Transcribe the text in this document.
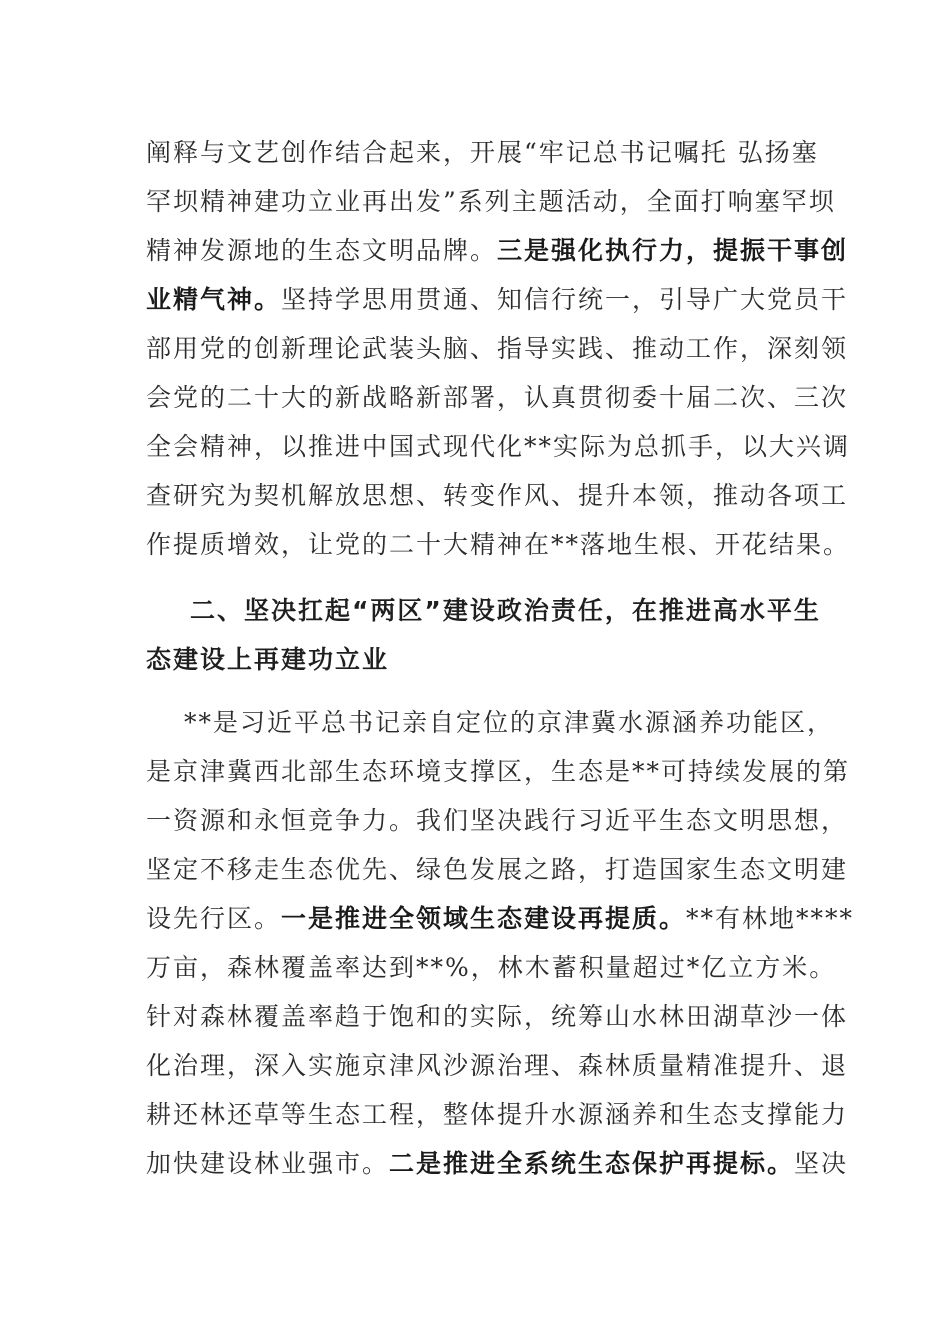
阐释与文艺创作结合起来，开展“牢记总书记嘱托 弘扬塞
罕坝精神建功立业再出发”系列主题活动，全面打响塞罕坝
精神发源地的生态文明品牌。三是强化执行力，提振干事创
业精气神。坚持学思用贯通、知信行统一，引导广大党员干
部用党的创新理论武装头脑、指导实践、推动工作，深刻领
会党的二十大的新战略新部署，认真贯彻委十届二次、三次
全会精神，以推进中国式现代化**实际为总抓手，以大兴调
查研究为契机解放思想、转变作风、提升本领，推动各项工
作提质增效，让党的二十大精神在**落地生根、开花结果。
二、坚决扛起“两区”建设政治责任，在推进高水平生
态建设上再建功立业
**是习近平总书记亲自定位的京津冀水源涵养功能区，
是京津冀西北部生态环境支撑区，生态是**可持续发展的第
一资源和永恒竞争力。我们坚决践行习近平生态文明思想，
坚定不移走生态优先、绿色发展之路，打造国家生态文明建
设先行区。一是推进全领域生态建设再提质。**有林地****
万亩，森林覆盖率达到**%，林木蓄积量超过*亿立方米。
针对森林覆盖率趋于饱和的实际，统筹山水林田湖草沙一体
化治理，深入实施京津风沙源治理、森林质量精准提升、退
耕还林还草等生态工程，整体提升水源涵养和生态支撑能力
加快建设林业强市。二是推进全系统生态保护再提标。坚决
